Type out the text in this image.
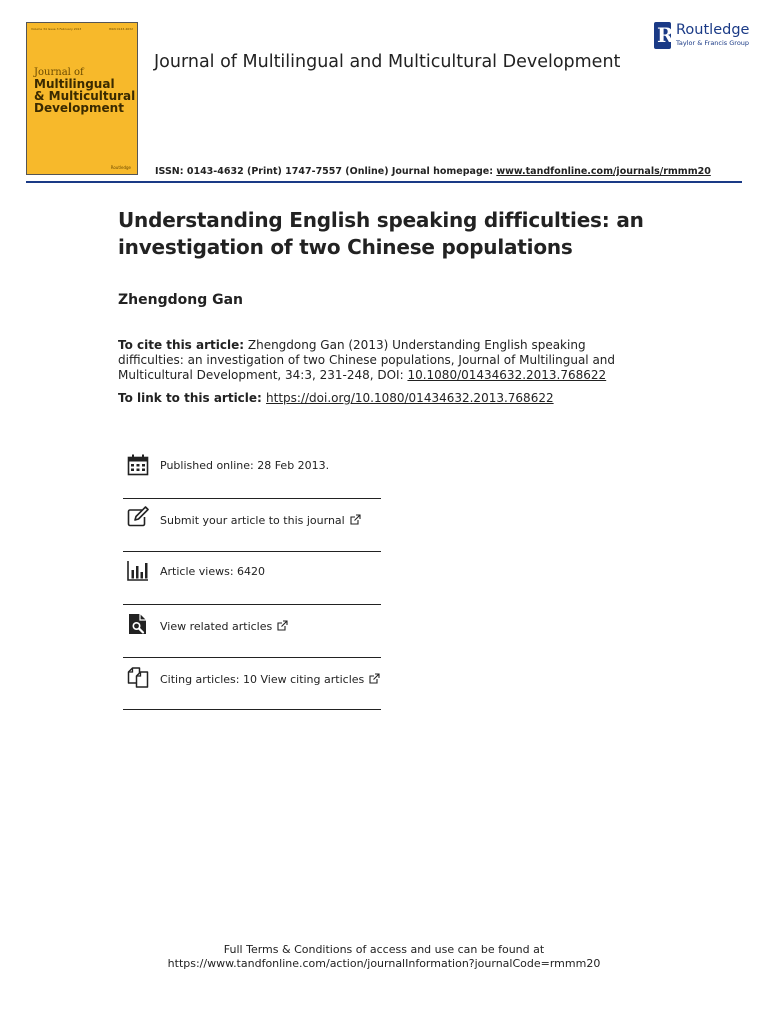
Volume 34 Issue 3 February 2013	ISSN 0143-4632
Journal of
Multilingual
& Multicultural
Development
Routledge
Journal of Multilingual and Multicultural Development
R Routledge
Taylor & Francis Group
ISSN: 0143-4632 (Print) 1747-7557 (Online) Journal homepage: www.tandfonline.com/journals/rmmm20
Understanding English speaking difficulties: an investigation of two Chinese populations
Zhengdong Gan
To cite this article: Zhengdong Gan (2013) Understanding English speaking difficulties: an investigation of two Chinese populations, Journal of Multilingual and Multicultural Development, 34:3, 231-248, DOI: 10.1080/01434632.2013.768622
To link to this article: https://doi.org/10.1080/01434632.2013.768622
Published online: 28 Feb 2013.
Submit your article to this journal
Article views: 6420
View related articles
Citing articles: 10 View citing articles
Full Terms & Conditions of access and use can be found at
https://www.tandfonline.com/action/journalInformation?journalCode=rmmm20
